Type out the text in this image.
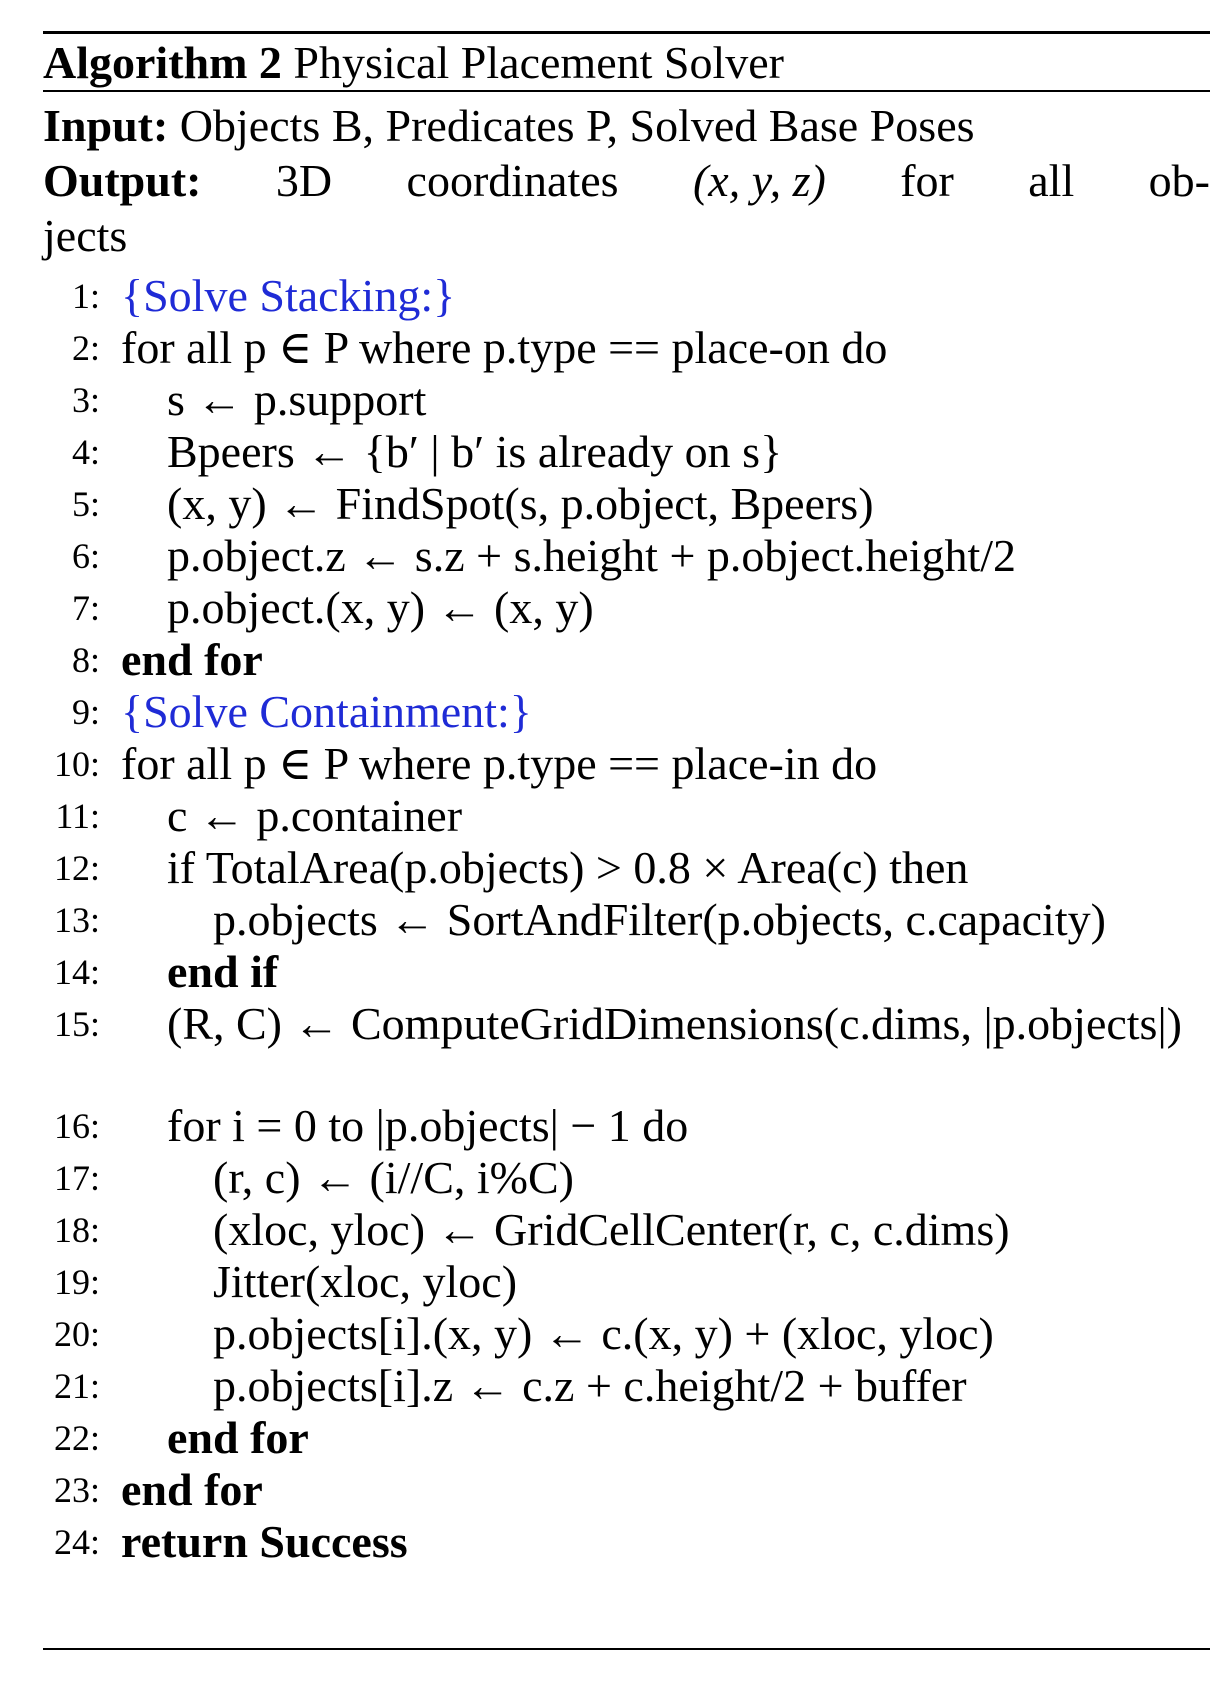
Algorithm 2 Physical Placement Solver
Input: Objects B, Predicates P, Solved Base Poses
Output: 3D coordinates (x, y, z) for all ob-
jects
1: {Solve Stacking:}
2: for all p ∈ P where p.type == place-on do
3: s ← p.support
4: Bpeers ← {b′ | b′ is already on s}
5: (x, y) ← FindSpot(s, p.object, Bpeers)
6: p.object.z ← s.z + s.height + p.object.height/2
7: p.object.(x, y) ← (x, y)
8: end for
9: {Solve Containment:}
10: for all p ∈ P where p.type == place-in do
11: c ← p.container
12: if TotalArea(p.objects) > 0.8 × Area(c) then
13: p.objects ← SortAndFilter(p.objects, c.capacity)
14: end if
15: (R, C) ← ComputeGridDimensions(c.dims, |p.objects|)
16: for i = 0 to |p.objects| − 1 do
17: (r, c) ← (i//C, i%C)
18: (xloc, yloc) ← GridCellCenter(r, c, c.dims)
19: Jitter(xloc, yloc)
20: p.objects[i].(x, y) ← c.(x, y) + (xloc, yloc)
21: p.objects[i].z ← c.z + c.height/2 + buffer
22: end for
23: end for
24: return Success
